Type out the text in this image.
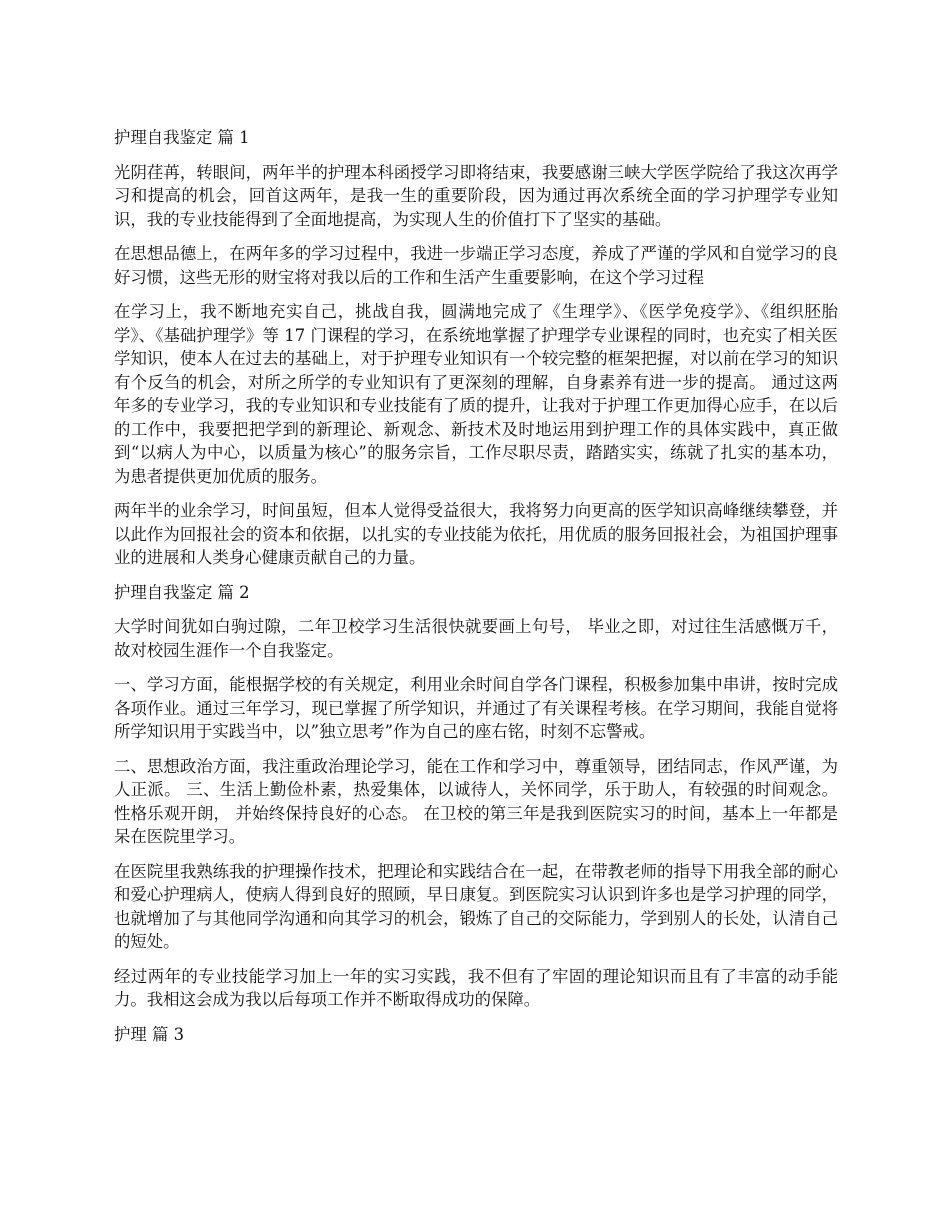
护理自我鉴定 篇 1

光阴荏苒，转眼间，两年半的护理本科函授学习即将结束，我要感谢三峡大学医学院给了我这次再学习和提高的机会，回首这两年，是我一生的重要阶段，因为通过再次系统全面的学习护理学专业知识，我的专业技能得到了全面地提高，为实现人生的价值打下了坚实的基础。

在思想品德上，在两年多的学习过程中，我进一步端正学习态度，养成了严谨的学风和自觉学习的良好习惯，这些无形的财宝将对我以后的工作和生活产生重要影响，在这个学习过程

在学习上，我不断地充实自己，挑战自我，圆满地完成了《生理学》、《医学免疫学》、《组织胚胎学》、《基础护理学》等 17 门课程的学习，在系统地掌握了护理学专业课程的同时，也充实了相关医学知识，使本人在过去的基础上，对于护理专业知识有一个较完整的框架把握，对以前在学习的知识有个反刍的机会，对所之所学的专业知识有了更深刻的理解，自身素养有进一步的提高。 通过这两年多的专业学习，我的专业知识和专业技能有了质的提升，让我对于护理工作更加得心应手，在以后的工作中，我要把把学到的新理论、新观念、新技术及时地运用到护理工作的具体实践中，真正做到“以病人为中心，以质量为核心”的服务宗旨，工作尽职尽责，踏踏实实，练就了扎实的基本功， 为患者提供更加优质的服务。

两年半的业余学习，时间虽短，但本人觉得受益很大，我将努力向更高的医学知识高峰继续攀登，并以此作为回报社会的资本和依据，以扎实的专业技能为依托，用优质的服务回报社会，为祖国护理事业的进展和人类身心健康贡献自己的力量。

护理自我鉴定 篇 2

大学时间犹如白驹过隙，二年卫校学习生活很快就要画上句号， 毕业之即，对过往生活感慨万千，故对校园生涯作一个自我鉴定。

一、学习方面，能根据学校的有关规定，利用业余时间自学各门课程，积极参加集中串讲，按时完成各项作业。通过三年学习，现已掌握了所学知识，并通过了有关课程考核。在学习期间，我能自觉将所学知识用于实践当中，以”独立思考”作为自己的座右铭，时刻不忘警戒。

二、思想政治方面，我注重政治理论学习，能在工作和学习中，尊重领导，团结同志，作风严谨，为人正派。 三、生活上勤俭朴素，热爱集体，以诚待人，关怀同学，乐于助人，有较强的时间观念。性格乐观开朗， 并始终保持良好的心态。 在卫校的第三年是我到医院实习的时间，基本上一年都是呆在医院里学习。

在医院里我熟练我的护理操作技术，把理论和实践结合在一起，在带教老师的指导下用我全部的耐心和爱心护理病人，使病人得到良好的照顾，早日康复。到医院实习认识到许多也是学习护理的同学，也就增加了与其他同学沟通和向其学习的机会，锻炼了自己的交际能力，学到别人的长处，认清自己的短处。

经过两年的专业技能学习加上一年的实习实践，我不但有了牢固的理论知识而且有了丰富的动手能力。我相这会成为我以后每项工作并不断取得成功的保障。

护理 篇 3
